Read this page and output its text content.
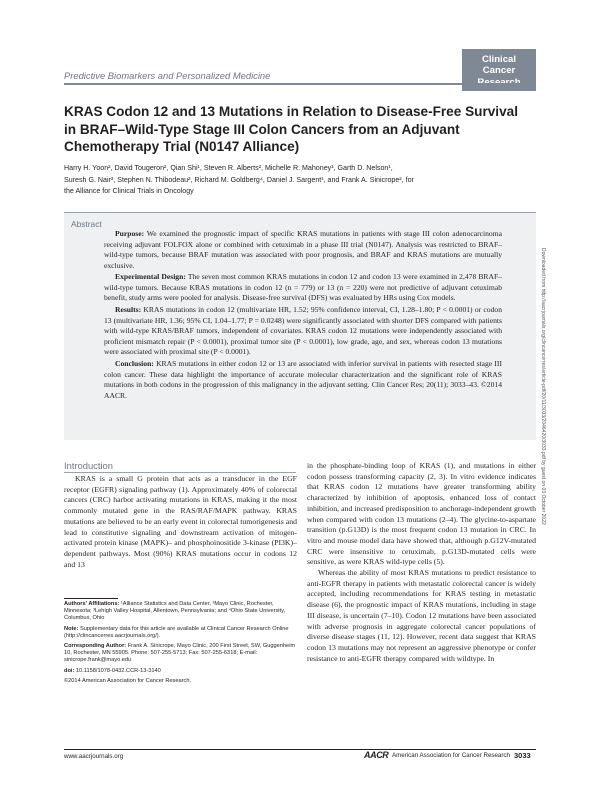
Clinical
Cancer
Predictive Biomarkers and Personalized Medicine
KRAS Codon 12 and 13 Mutations in Relation to Disease-Free Survival in BRAF–Wild-Type Stage III Colon Cancers from an Adjuvant Chemotherapy Trial (N0147 Alliance)
Harry H. Yoon², David Tougeron², Qian Shi¹, Steven R. Alberts², Michelle R. Mahoney¹, Garth D. Nelson¹,
Suresh G. Nair³, Stephen N. Thibodeau², Richard M. Goldberg⁴, Daniel J. Sargent¹, and Frank A. Sinicrope², for
the Alliance for Clinical Trials in Oncology
Abstract

Purpose: We examined the prognostic impact of specific KRAS mutations in patients with stage III colon adenocarcinoma receiving adjuvant FOLFOX alone or combined with cetuximab in a phase III trial (N0147). Analysis was restricted to BRAF–wild-type tumors, because BRAF mutation was associated with poor prognosis, and BRAF and KRAS mutations are mutually exclusive.

Experimental Design: The seven most common KRAS mutations in codon 12 and codon 13 were examined in 2,478 BRAF–wild-type tumors. Because KRAS mutations in codon 12 (n = 779) or 13 (n = 220) were not predictive of adjuvant cetuximab benefit, study arms were pooled for analysis. Disease-free survival (DFS) was evaluated by HRs using Cox models.

Results: KRAS mutations in codon 12 (multivariate HR, 1.52; 95% confidence interval, CI, 1.28–1.80; P < 0.0001) or codon 13 (multivariate HR, 1.36; 95% CI, 1.04–1.77; P = 0.0248) were significantly associated with shorter DFS compared with patients with wild-type KRAS/BRAF tumors, independent of covariates. KRAS codon 12 mutations were independently associated with proficient mismatch repair (P < 0.0001), proximal tumor site (P < 0.0001), low grade, age, and sex, whereas codon 13 mutations were associated with proximal site (P < 0.0001).

Conclusion: KRAS mutations in either codon 12 or 13 are associated with inferior survival in patients with resected stage III colon cancer. These data highlight the importance of accurate molecular characterization and the significant role of KRAS mutations in both codons in the progression of this malignancy in the adjuvant setting. Clin Cancer Res; 20(11); 3033–43. ©2014 AACR.	Downloaded from http://aacrjournals.org/clincancerres/article-pdf/20/11/3033/2046420/3033.pdf by guest on 03 October 2022
Introduction

KRAS is a small G protein that acts as a transducer in the EGF receptor (EGFR) signaling pathway (1). Approximately 40% of colorectal cancers (CRC) harbor activating mutations in KRAS, making it the most commonly mutated gene in the RAS/RAF/MAPK pathway. KRAS mutations are believed to be an early event in colorectal tumorigenesis and lead to constitutive signaling and downstream activation of mitogen-activated protein kinase (MAPK)– and phosphoinositide 3-kinase (PI3K)–dependent pathways. Most (90%) KRAS mutations occur in codons 12 and 13

in the phosphate-binding loop of KRAS (1), and mutations in either codon possess transforming capacity (2, 3). In vitro evidence indicates that KRAS codon 12 mutations have greater transforming ability characterized by inhibition of apoptosis, enhanced loss of contact inhibition, and increased predisposition to anchorage-independent growth when compared with codon 13 mutations (2–4). The glycine-to-aspartate transition (p.G13D) is the most frequent codon 13 mutation in CRC. In vitro and mouse model data have showed that, although p.G12V-mutated CRC were insensitive to cetuximab, p.G13D-mutated cells were sensitive, as were KRAS wild-type cells (5).

Whereas the ability of most KRAS mutations to predict resistance to anti-EGFR therapy in patients with metastatic colorectal cancer is widely accepted, including recommendations for KRAS testing in metastatic disease (6), the prognostic impact of KRAS mutations, including in stage III disease, is uncertain (7–10). Codon 12 mutations have been associated with adverse prognosis in aggregate colorectal cancer populations of diverse disease stages (11, 12). However, recent data suggest that KRAS codon 13 mutations may not represent an aggressive phenotype or confer resistance to anti-EGFR therapy compared with wildtype. In

Authors' Affiliations: ¹Alliance Statistics and Data Center, ²Mayo Clinic, Rochester, Minnesota; ³Lehigh Valley Hospital, Allentown, Pennsylvania; and ⁴Ohio State University, Columbus, Ohio

Note: Supplementary data for this article are available at Clinical Cancer Research Online (http://clincancerres.aacrjournals.org/).

Corresponding Author: Frank A. Sinicrope, Mayo Clinic, 200 First Street, SW, Guggenheim 10, Rochester, MN 55905. Phone: 507-255-5713; Fax: 507-255-6318; E-mail: sinicrope.frank@mayo.edu

doi: 10.1158/1078-0432.CCR-13-3140

©2014 American Association for Cancer Research.

www.aacrjournals.org	AACR American Association for Cancer Research 3033
